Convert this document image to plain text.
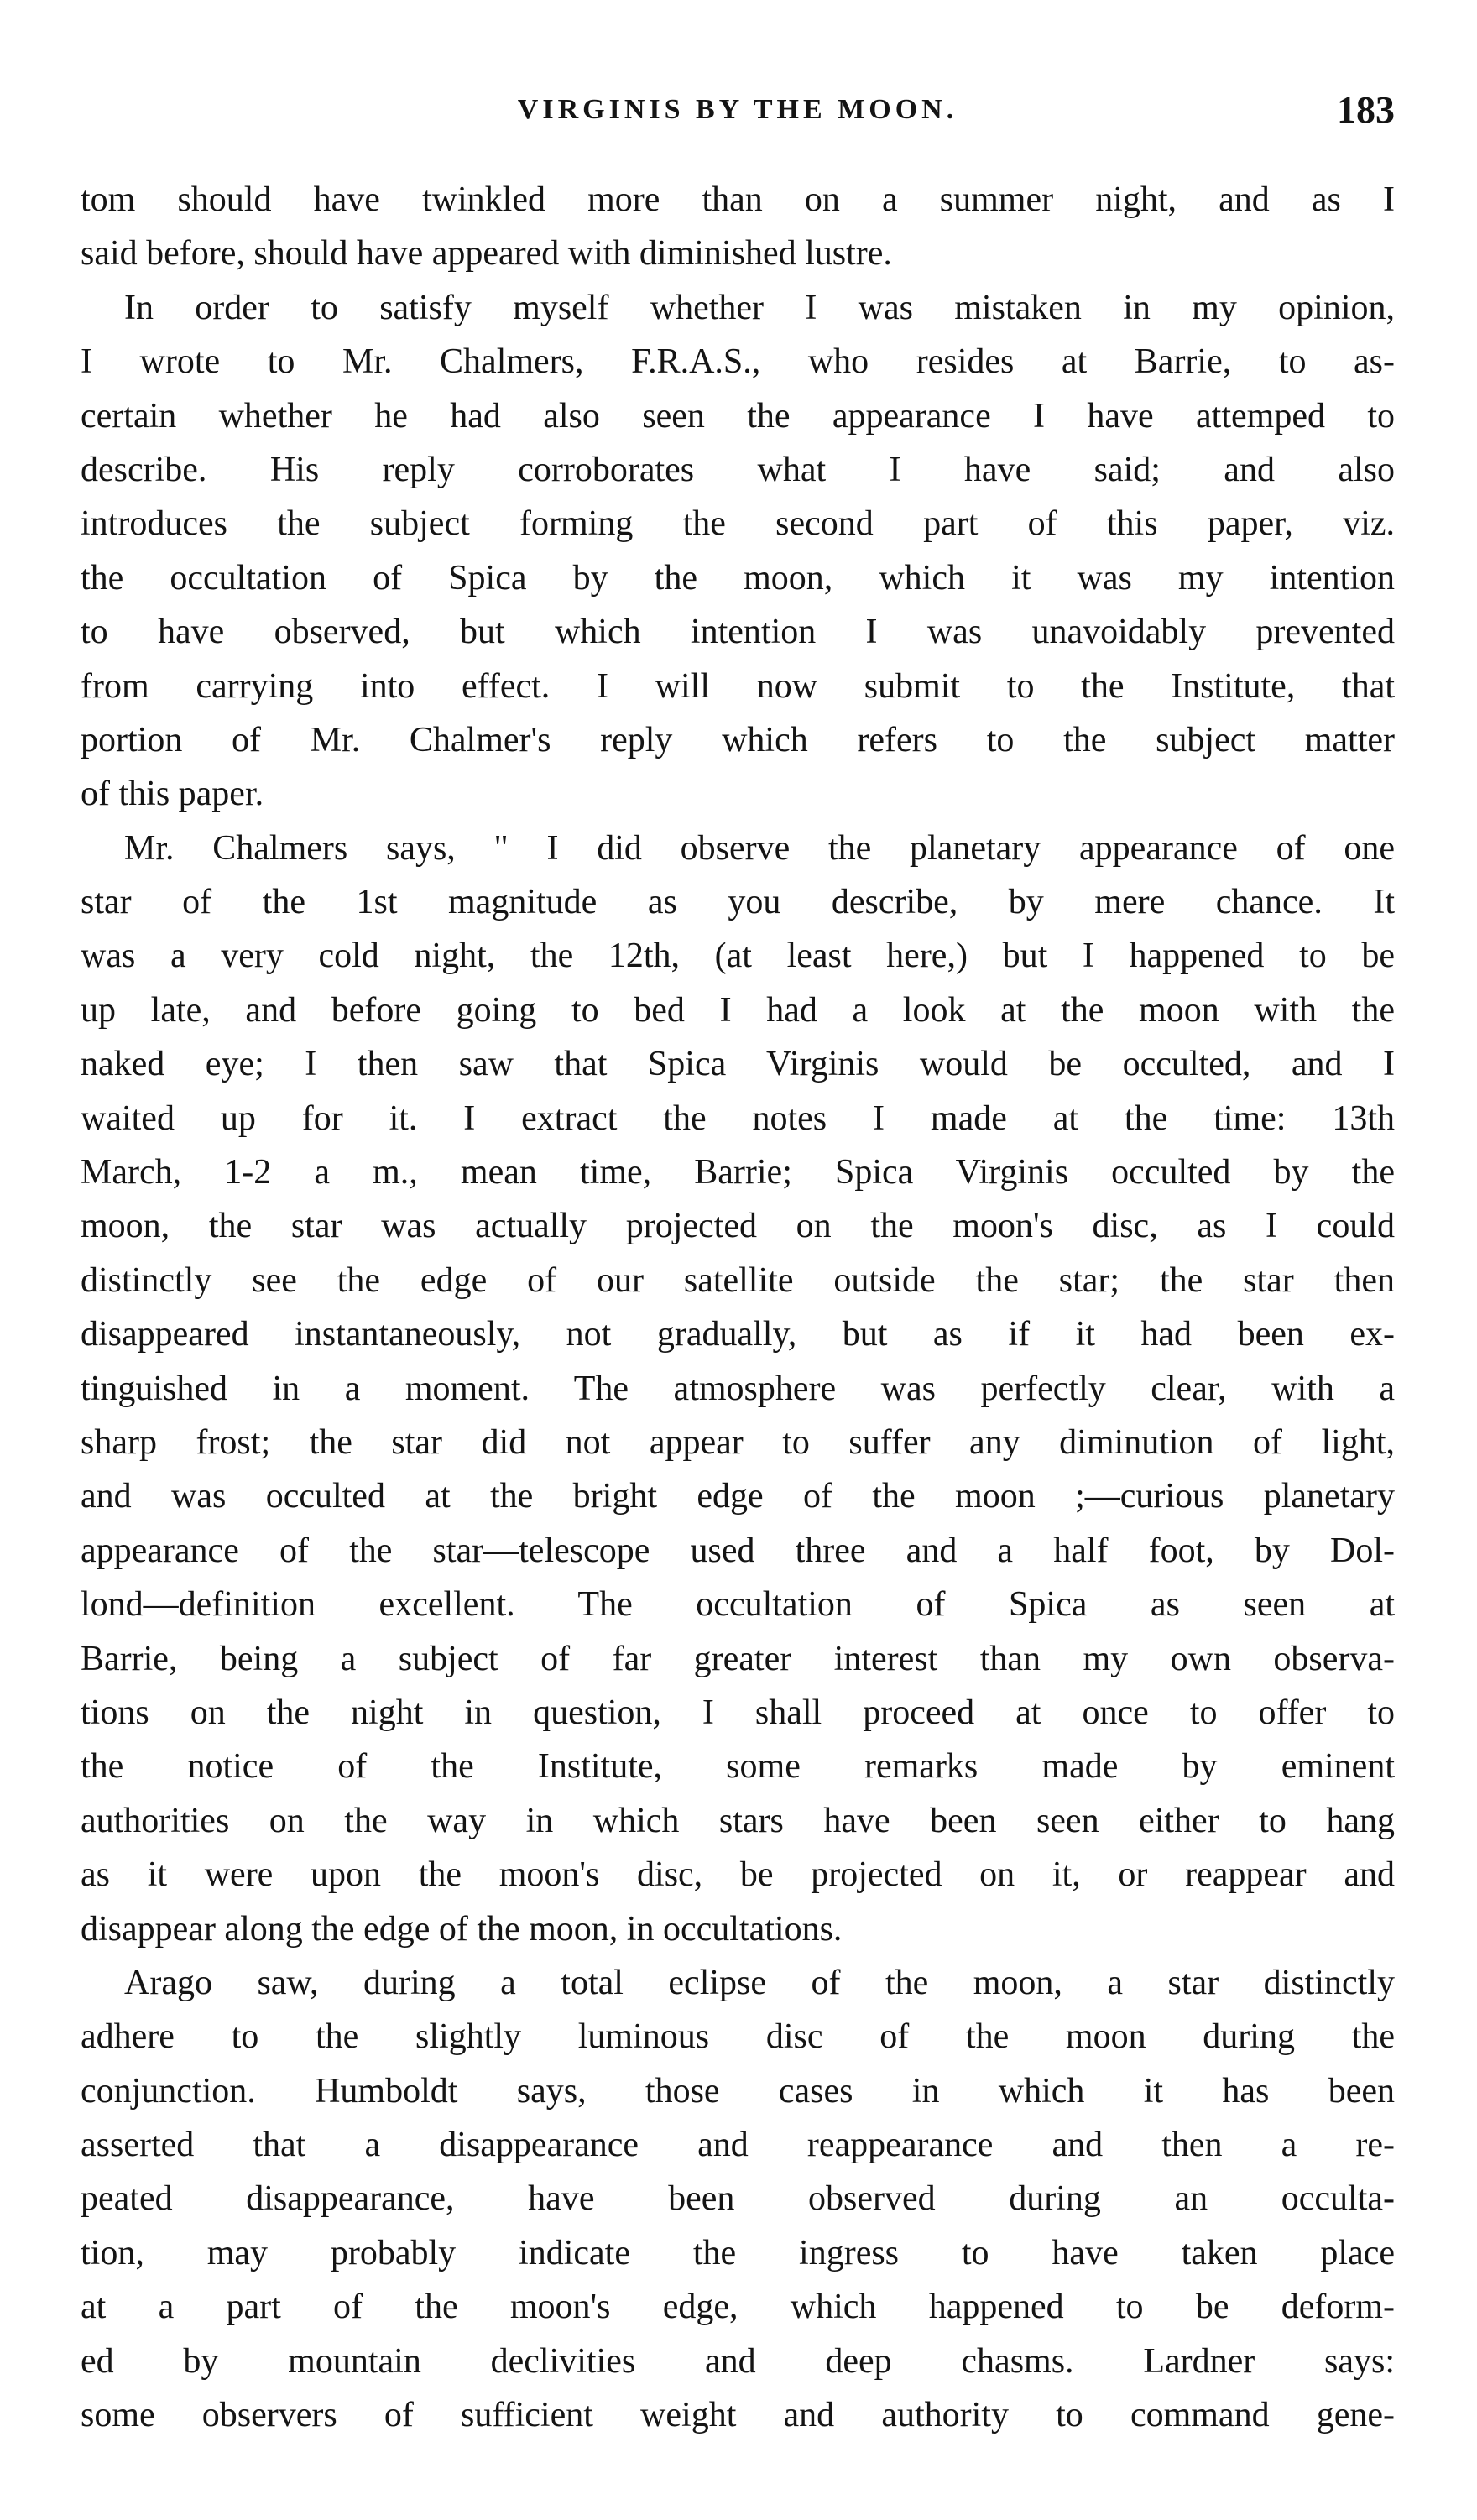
VIRGINIS BY THE MOON.	183
tom should have twinkled more than on a summer night, and as I
said before, should have appeared with diminished lustre.
In order to satisfy myself whether I was mistaken in my opinion,
I wrote to Mr. Chalmers, F.R.A.S., who resides at Barrie, to as-
certain whether he had also seen the appearance I have attemped to
describe. His reply corroborates what I have said; and also
introduces the subject forming the second part of this paper, viz.
the occultation of Spica by the moon, which it was my intention
to have observed, but which intention I was unavoidably prevented
from carrying into effect. I will now submit to the Institute, that
portion of Mr. Chalmer's reply which refers to the subject matter
of this paper.
Mr. Chalmers says, " I did observe the planetary appearance of one
star of the 1st magnitude as you describe, by mere chance. It
was a very cold night, the 12th, (at least here,) but I happened to be
up late, and before going to bed I had a look at the moon with the
naked eye; I then saw that Spica Virginis would be occulted, and I
waited up for it. I extract the notes I made at the time: 13th
March, 1-2 a m., mean time, Barrie; Spica Virginis occulted by the
moon, the star was actually projected on the moon's disc, as I could
distinctly see the edge of our satellite outside the star; the star then
disappeared instantaneously, not gradually, but as if it had been ex-
tinguished in a moment. The atmosphere was perfectly clear, with a
sharp frost; the star did not appear to suffer any diminution of light,
and was occulted at the bright edge of the moon ;—curious planetary
appearance of the star—telescope used three and a half foot, by Dol-
lond—definition excellent. The occultation of Spica as seen at
Barrie, being a subject of far greater interest than my own observa-
tions on the night in question, I shall proceed at once to offer to
the notice of the Institute, some remarks made by eminent
authorities on the way in which stars have been seen either to hang
as it were upon the moon's disc, be projected on it, or reappear and
disappear along the edge of the moon, in occultations.
Arago saw, during a total eclipse of the moon, a star distinctly
adhere to the slightly luminous disc of the moon during the
conjunction. Humboldt says, those cases in which it has been
asserted that a disappearance and reappearance and then a re-
peated disappearance, have been observed during an occulta-
tion, may probably indicate the ingress to have taken place
at a part of the moon's edge, which happened to be deform-
ed by mountain declivities and deep chasms. Lardner says:
some observers of sufficient weight and authority to command gene-
